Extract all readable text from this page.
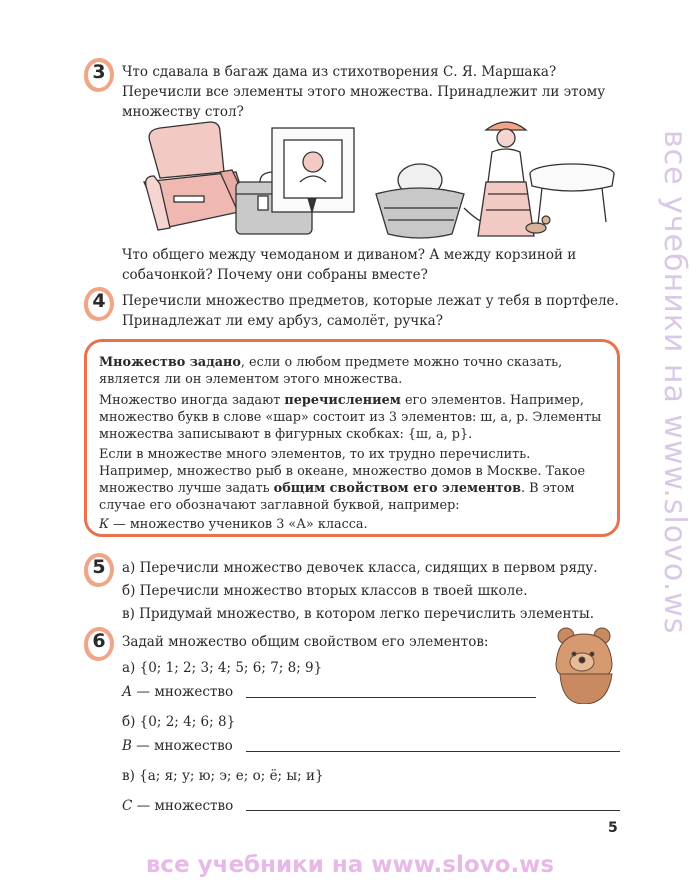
3	Что сдавала в багаж дама из стихотворения С. Я. Маршака? Перечисли все элементы этого множества. Принадлежит ли этому множеству стол?
Что общего между чемоданом и диваном? А между корзиной и собачонкой? Почему они собраны вместе?
4	Перечисли множество предметов, которые лежат у тебя в портфеле. Принадлежат ли ему арбуз, самолёт, ручка?
Множество задано, если о любом предмете можно точно сказать, является ли он элементом этого множества.
Множество иногда задают перечислением его элементов. Например, множество букв в слове «шар» состоит из 3 элементов: ш, а, р. Элементы множества записывают в фигурных скобках: {ш, а, р}.
Если в множестве много элементов, то их трудно перечислить. Например, множество рыб в океане, множество домов в Москве. Такое множество лучше задать общим свойством его элементов. В этом случае его обозначают заглавной буквой, например:
К — множество учеников 3 «А» класса.
5	а) Перечисли множество девочек класса, сидящих в первом ряду.
б) Перечисли множество вторых классов в твоей школе.
в) Придумай множество, в котором легко перечислить элементы.
6	Задай множество общим свойством его элементов:
а) {0; 1; 2; 3; 4; 5; 6; 7; 8; 9}
А — множество
б) {0; 2; 4; 6; 8}
В — множество
в) {а; я; у; ю; э; е; о; ё; ы; и}
С — множество
5
все учебники на www.slovo.ws
все учебники на www.slovo.ws
